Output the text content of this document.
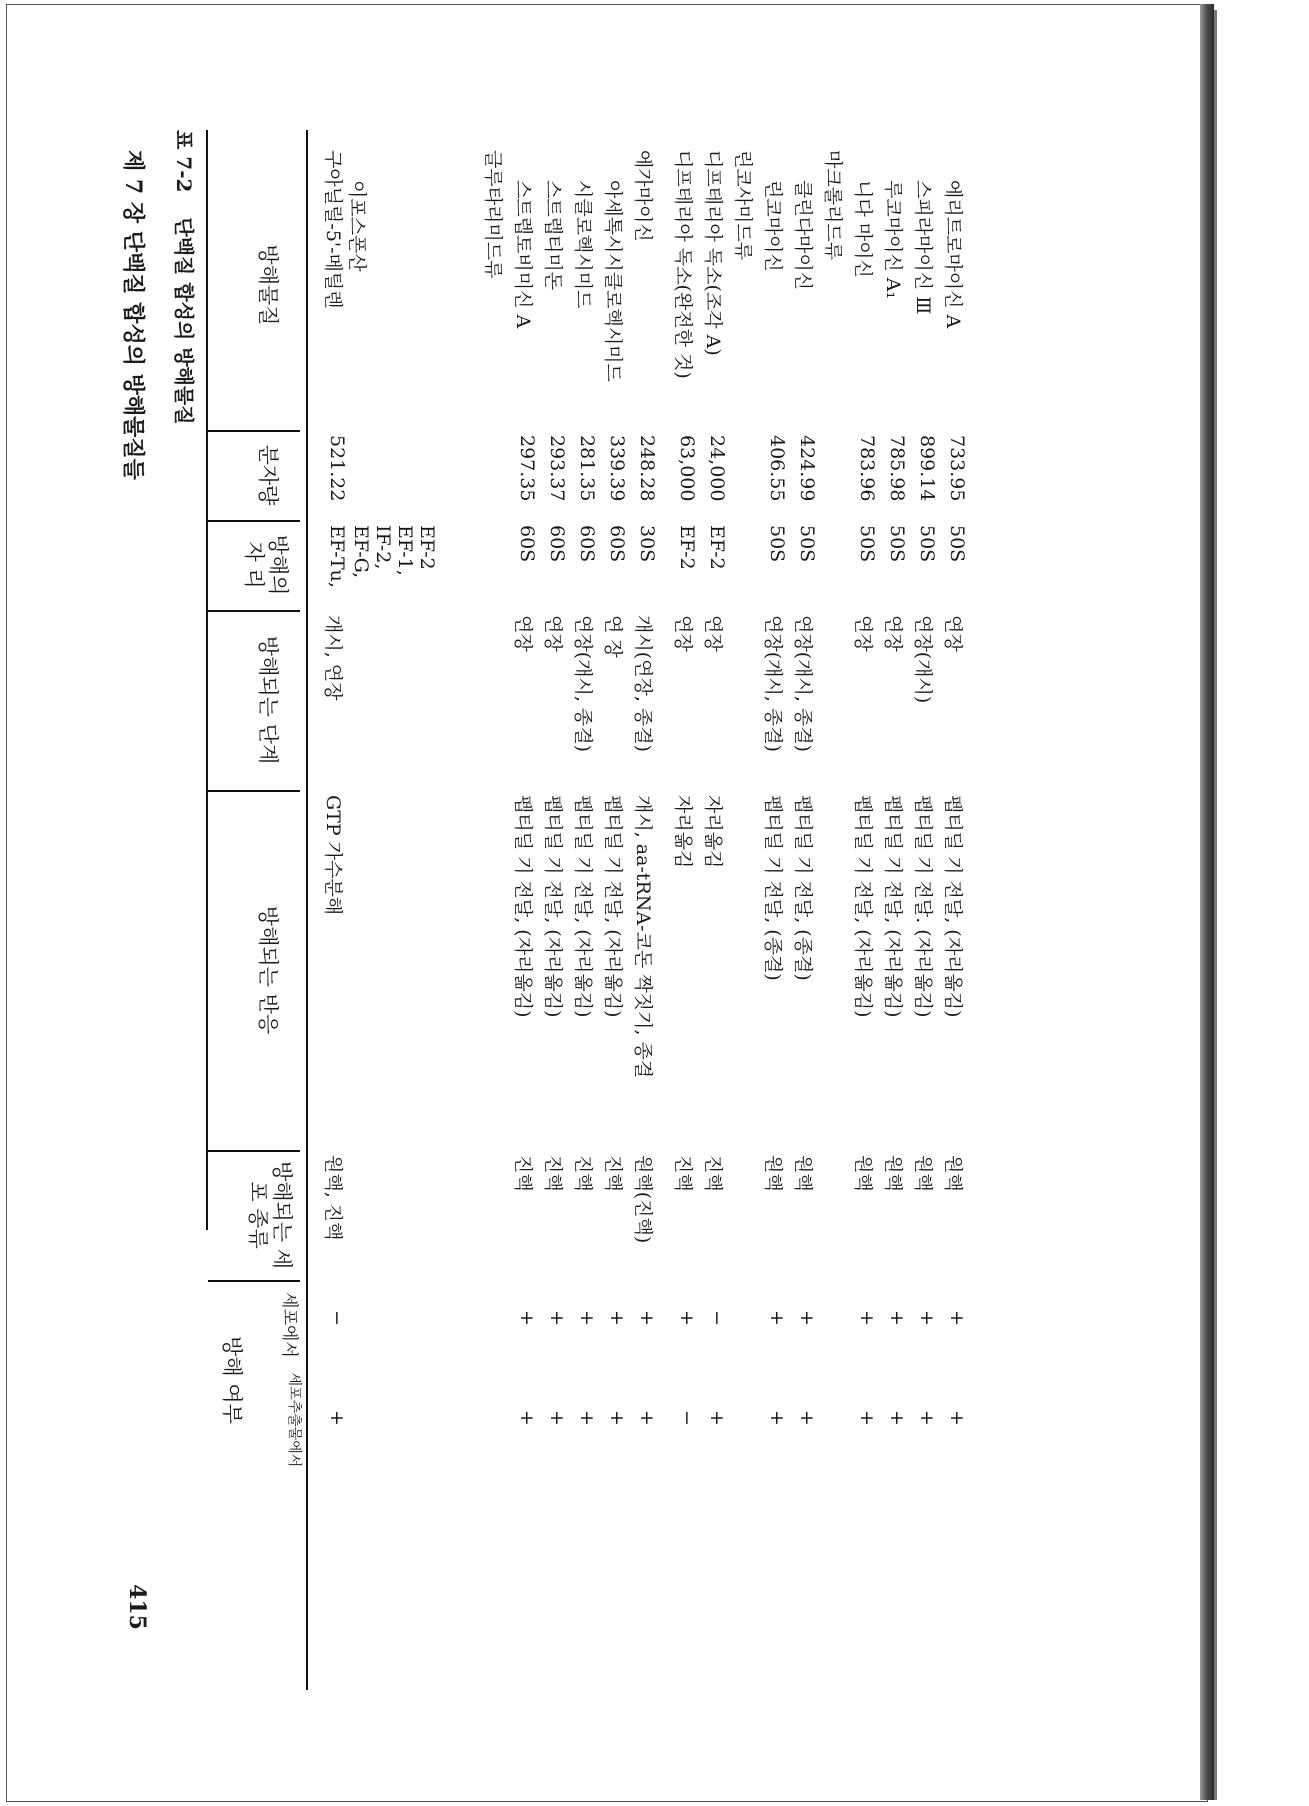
표 7-2 단백질 합성의 방해물질	방해물질
분자량
방해의 자 리
방해되는 단계
방해되는 반응
방해되는 세포 종류
방해 여부
세포에서
세포추출물에서
구아닐릴-5'-메틸렌
521.22
EF-Tu,
개시, 연장
GTP 가수분해
원핵, 진핵
−
+
이포스폰산
EF-G, IF-2, EF-1, EF-2
글루타리미드류 스트렙토비미신 A
297.35
60S
연장
펩티딜 기 전달, (자리옮김)
진핵
+
+
스트렙티미돈
293.37
60S
연장
펩티딜 기 전달, (자리옮김)
진핵
+
+
시클로헥시미드
281.35
60S
연장(개시, 종결)
펩티딜 기 전달, (자리옮김)
진핵
+
+
아세톡시시클로헥시미드
339.39
60S
연 장
펩티딜 기 전달, (자리옮김)
진핵
+
+
에가마이신
248.28
30S
개시(연장, 종결)
개시, aa-tRNA-코돈 짝짓기, 종결
원핵(진핵)
+
+
디프테리아 독소(완전한 것)
63,000
EF-2
연장
자리옮김
진핵
+
−
디프테리아 독소(조각 A)
24,000
EF-2
연장
자리옮김
진핵
−
+
린코사미드류 린코마이신
406.55
50S
연장(개시, 종결)
펩티딜 기 전달, (종결)
원핵
+
+
클린다마이신
424.99
50S
연장(개시, 종결)
펩티딜 기 전달, (종결)
원핵
+
+
마크롤리드류 니다 마이신
783.96
50S
연장
펩티딜 기 전달, (자리옮김)
원핵
+
+
루코마이신 A₁
785.98
50S
연장
펩티딜 기 전달, (자리옮김)
원핵
+
+
스피라마이신 Ⅲ
899.14
50S
연장(개시)
펩티딜 기 전달. (자리옮김)
원핵
+
+
에리트로마이신 A
733.95
50S
연장
펩티딜 기 전달, (자리옮김)
원핵
+
+
제 7 장 단백질 합성의 방해물질들
415
